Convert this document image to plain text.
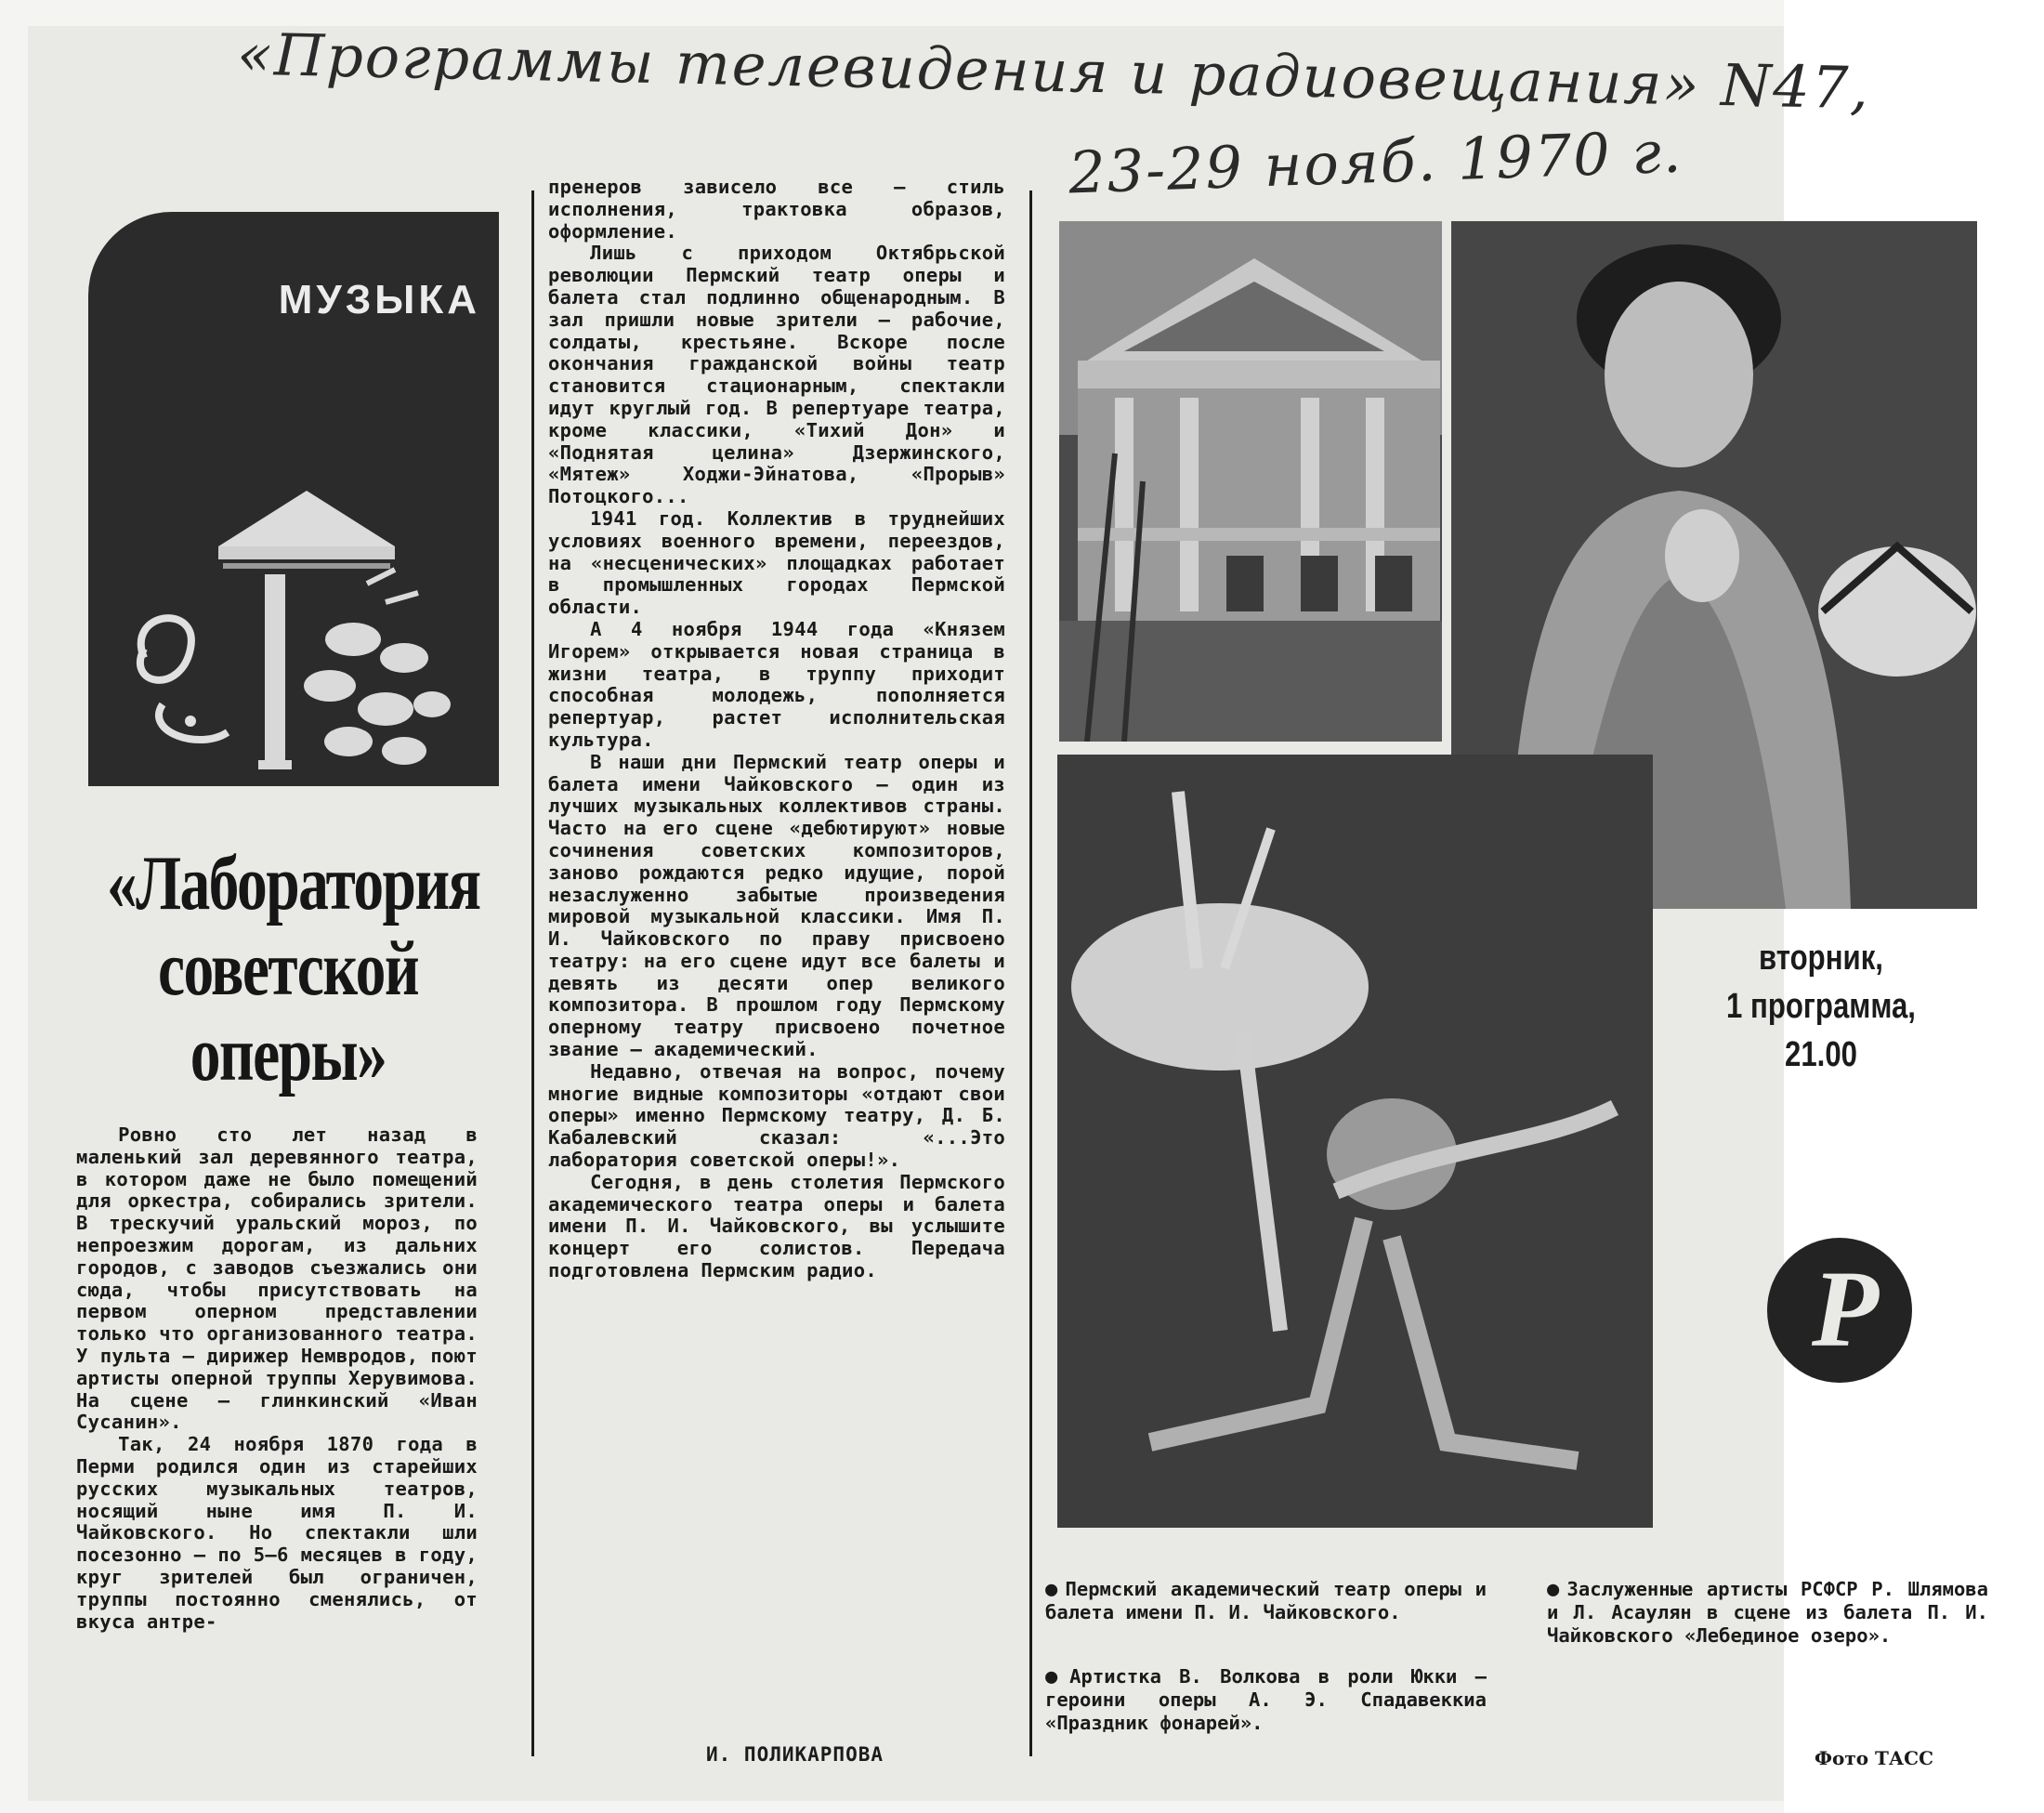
«Программы телевидения и радиовещания» N47,
23-29 нояб. 1970 г.
МУЗЫКА
«Лаборатория советской оперы»

Ровно сто лет назад в маленький зал деревянного театра, в котором даже не было помещений для оркестра, собирались зрители. В трескучий уральский мороз, по непроезжим дорогам, из дальних городов, с заводов съезжались они сюда, чтобы присутствовать на первом оперном представлении только что организованного театра. У пульта — дирижер Немвродов, поют артисты оперной труппы Херувимова. На сцене — глинкинский «Иван Сусанин».

Так, 24 ноября 1870 года в Перми родился один из старейших русских музыкальных театров, носящий ныне имя П. И. Чайковского. Но спектакли шли посезонно — по 5—6 месяцев в году, круг зрителей был ограничен, труппы постоянно сменялись, от вкуса антре-

пренеров зависело все — стиль исполнения, трактовка образов, оформление.

Лишь с приходом Октябрьской революции Пермский театр оперы и балета стал подлинно общенародным. В зал пришли новые зрители — рабочие, солдаты, крестьяне. Вскоре после окончания гражданской войны театр становится стационарным, спектакли идут круглый год. В репертуаре театра, кроме классики, «Тихий Дон» и «Поднятая целина» Дзержинского, «Мятеж» Ходжи-Эйнатова, «Прорыв» Потоцкого...

1941 год. Коллектив в труднейших условиях военного времени, переездов, на «несценических» площадках работает в промышленных городах Пермской области.

А 4 ноября 1944 года «Князем Игорем» открывается новая страница в жизни театра, в труппу приходит способная молодежь, пополняется репертуар, растет исполнительская культура.

В наши дни Пермский театр оперы и балета имени Чайковского — один из лучших музыкальных коллективов страны. Часто на его сцене «дебютируют» новые сочинения советских композиторов, заново рождаются редко идущие, порой незаслуженно забытые произведения мировой музыкальной классики. Имя П. И. Чайковского по праву присвоено театру: на его сцене идут все балеты и девять из десяти опер великого композитора. В прошлом году Пермскому оперному театру присвоено почетное звание — академический.

Недавно, отвечая на вопрос, почему многие видные композиторы «отдают свои оперы» именно Пермскому театру, Д. Б. Кабалевский сказал: «...Это лаборатория советской оперы!».

Сегодня, в день столетия Пермского академического театра оперы и балета имени П. И. Чайковского, вы услышите концерт его солистов. Передача подготовлена Пермским радио.

И. ПОЛИКАРПОВА
вторник,
1 программа,
21.00
Р
● Пермский академический театр оперы и балета имени П. И. Чайковского.
● Артистка В. Волкова в роли Юкки — героини оперы А. Э. Спадавеккиа «Праздник фонарей».
● Заслуженные артисты РСФСР Р. Шлямова и Л. Асаулян в сцене из балета П. И. Чайковского «Лебединое озеро».
Фото ТАСС
